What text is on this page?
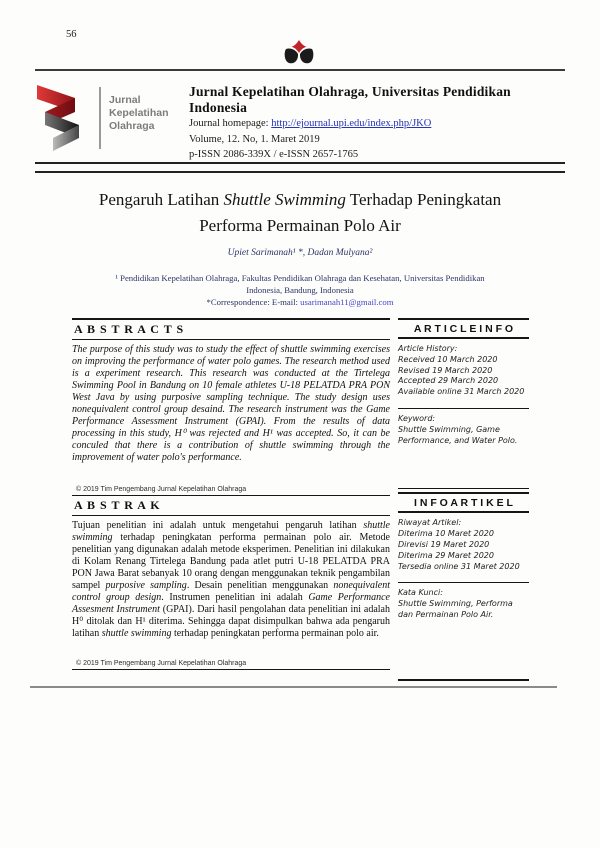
56
Jurnal
Kepelatihan
Olahraga
Jurnal Kepelatihan Olahraga, Universitas Pendidikan Indonesia
Journal homepage: http://ejournal.upi.edu/index.php/JKO
Volume, 12. No, 1. Maret 2019
p-ISSN 2086-339X / e-ISSN 2657-1765
Pengaruh Latihan Shuttle Swimming Terhadap Peningkatan Performa Permainan Polo Air
Upiet Sarimanah¹ *, Dadan Mulyana²
¹ Pendidikan Kepelatihan Olahraga, Fakultas Pendidikan Olahraga dan Kesehatan, Universitas Pendidikan Indonesia, Bandung, Indonesia
*Correspondence: E-mail: usarimanah11@gmail.com
A B S T R A C T S
The purpose of this study was to study the effect of shuttle swimming exercises on improving the performance of water polo games. The research method used is a experiment research. This research was conducted at the Tirtelega Swimming Pool in Bandung on 10 female athletes U-18 PELATDA PRA PON West Java by using purposive sampling technique. The study design uses nonequivalent control group desaind. The research instrument was the Game Performance Assessment Instrument (GPAI). From the results of data processing in this study, H⁰ was rejected and H¹ was accepted. So, it can be conculed that there is a contribution of shuttle swimming through the improvement of water polo's performance.
© 2019 Tim Pengembang Jurnal Kepelatihan Olahraga
A B S T R A K
Tujuan penelitian ini adalah untuk mengetahui pengaruh latihan shuttle swimming terhadap peningkatan performa permainan polo air. Metode penelitian yang digunakan adalah metode eksperimen. Penelitian ini dilakukan di Kolam Renang Tirtelega Bandung pada atlet putri U-18 PELATDA PRA PON Jawa Barat sebanyak 10 orang dengan menggunakan teknik pengambilan sampel purposive sampling. Desain penelitian menggunakan nonequivalent control group design. Instrumen penelitian ini adalah Game Performance Assesment Instrument (GPAI). Dari hasil pengolahan data penelitian ini adalah H⁰ ditolak dan H¹ diterima. Sehingga dapat disimpulkan bahwa ada pengaruh latihan shuttle swimming terhadap peningkatan performa permainan polo air.
© 2019 Tim Pengembang Jurnal Kepelatihan Olahraga
A R T I C L E I N F O
Article History:
Received 10 March 2020
Revised 19 March 2020
Accepted 29 March 2020
Available online 31 March 2020
Keyword:
Shuttle Swimming, Game Performance, and Water Polo.
I N F O A R T I K E L
Riwayat Artikel:
Diterima 10 Maret 2020
Direvisi 19 Maret 2020
Diterima 29 Maret 2020
Tersedia online 31 Maret 2020
Kata Kunci:
Shuttle Swimming, Performa dan Permainan Polo Air.
